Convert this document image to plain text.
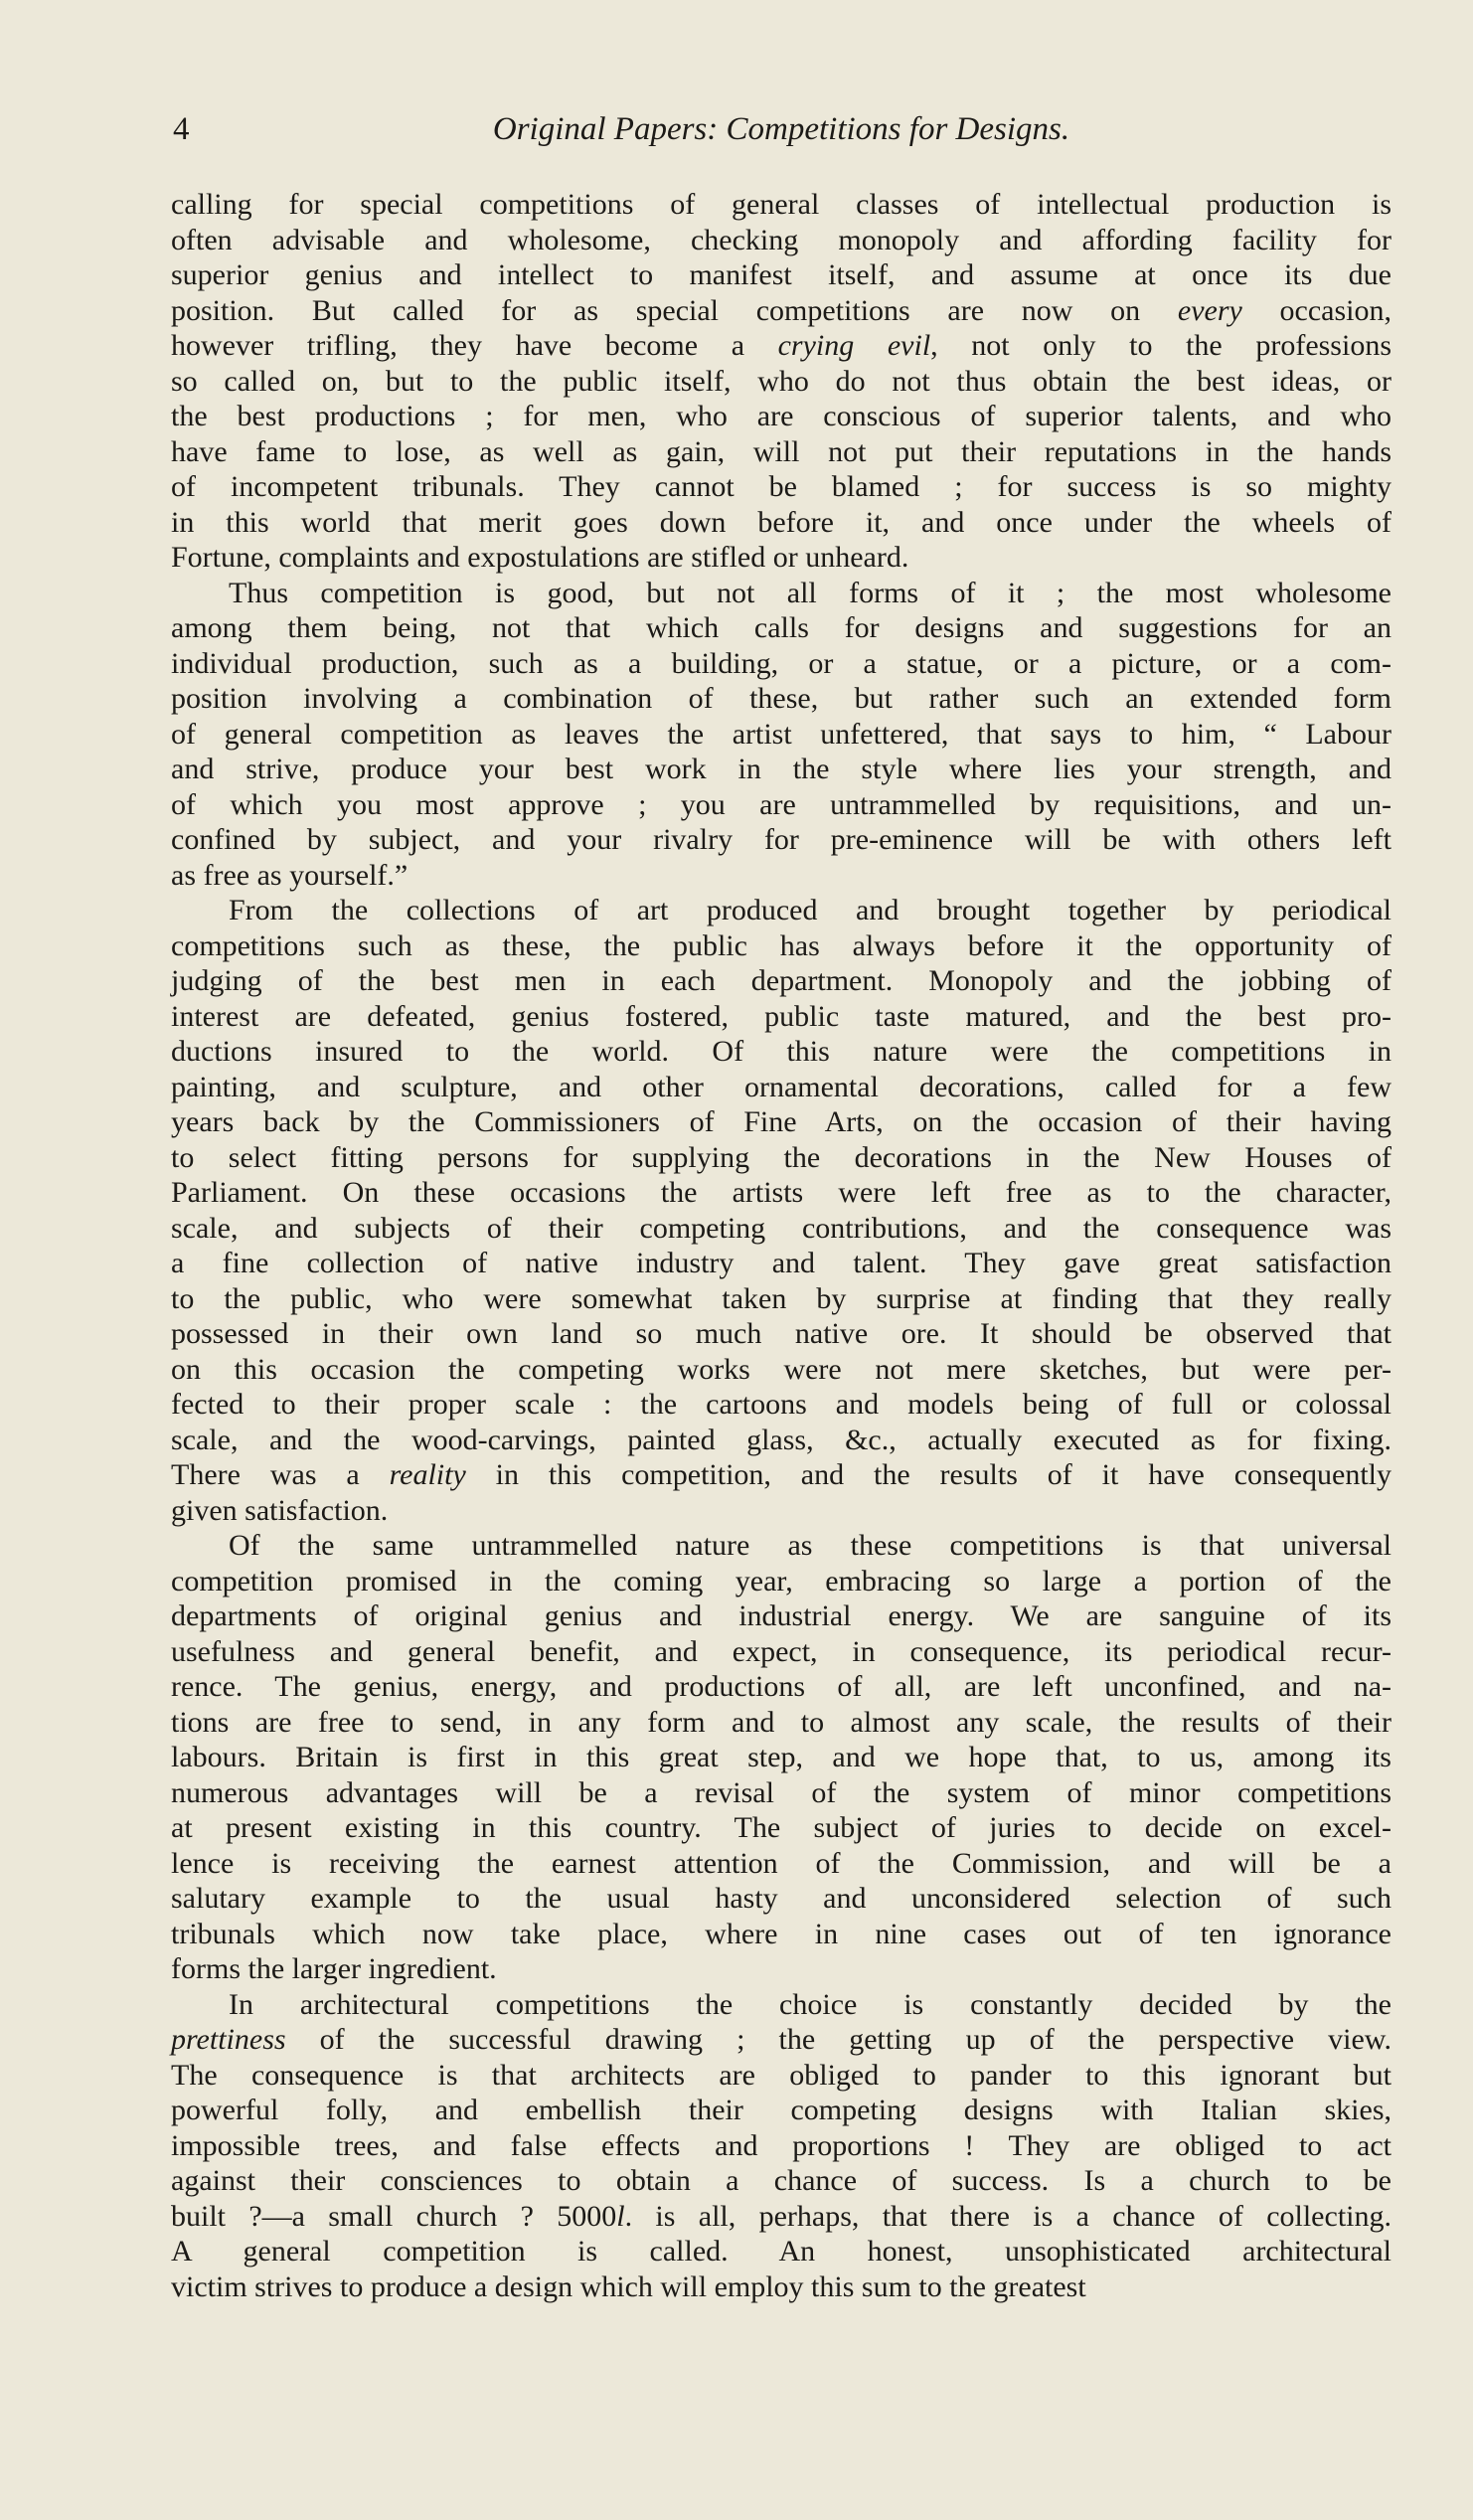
4	Original Papers: Competitions for Designs.
calling for special competitions of general classes of intellectual production is
often advisable and wholesome, checking monopoly and affording facility for
superior genius and intellect to manifest itself, and assume at once its due
position. But called for as special competitions are now on every occasion,
however trifling, they have become a crying evil, not only to the professions
so called on, but to the public itself, who do not thus obtain the best ideas, or
the best productions ; for men, who are conscious of superior talents, and who
have fame to lose, as well as gain, will not put their reputations in the hands
of incompetent tribunals. They cannot be blamed ; for success is so mighty
in this world that merit goes down before it, and once under the wheels of
Fortune, complaints and expostulations are stifled or unheard.
Thus competition is good, but not all forms of it ; the most wholesome
among them being, not that which calls for designs and suggestions for an
individual production, such as a building, or a statue, or a picture, or a com-
position involving a combination of these, but rather such an extended form
of general competition as leaves the artist unfettered, that says to him, “ Labour
and strive, produce your best work in the style where lies your strength, and
of which you most approve ; you are untrammelled by requisitions, and un-
confined by subject, and your rivalry for pre-eminence will be with others left
as free as yourself.”
From the collections of art produced and brought together by periodical
competitions such as these, the public has always before it the opportunity of
judging of the best men in each department. Monopoly and the jobbing of
interest are defeated, genius fostered, public taste matured, and the best pro-
ductions insured to the world. Of this nature were the competitions in
painting, and sculpture, and other ornamental decorations, called for a few
years back by the Commissioners of Fine Arts, on the occasion of their having
to select fitting persons for supplying the decorations in the New Houses of
Parliament. On these occasions the artists were left free as to the character,
scale, and subjects of their competing contributions, and the consequence was
a fine collection of native industry and talent. They gave great satisfaction
to the public, who were somewhat taken by surprise at finding that they really
possessed in their own land so much native ore. It should be observed that
on this occasion the competing works were not mere sketches, but were per-
fected to their proper scale : the cartoons and models being of full or colossal
scale, and the wood-carvings, painted glass, &c., actually executed as for fixing.
There was a reality in this competition, and the results of it have consequently
given satisfaction.
Of the same untrammelled nature as these competitions is that universal
competition promised in the coming year, embracing so large a portion of the
departments of original genius and industrial energy. We are sanguine of its
usefulness and general benefit, and expect, in consequence, its periodical recur-
rence. The genius, energy, and productions of all, are left unconfined, and na-
tions are free to send, in any form and to almost any scale, the results of their
labours. Britain is first in this great step, and we hope that, to us, among its
numerous advantages will be a revisal of the system of minor competitions
at present existing in this country. The subject of juries to decide on excel-
lence is receiving the earnest attention of the Commission, and will be a
salutary example to the usual hasty and unconsidered selection of such
tribunals which now take place, where in nine cases out of ten ignorance
forms the larger ingredient.
In architectural competitions the choice is constantly decided by the
prettiness of the successful drawing ; the getting up of the perspective view.
The consequence is that architects are obliged to pander to this ignorant but
powerful folly, and embellish their competing designs with Italian skies,
impossible trees, and false effects and proportions ! They are obliged to act
against their consciences to obtain a chance of success. Is a church to be
built ?—a small church ? 5000l. is all, perhaps, that there is a chance of collecting.
A general competition is called. An honest, unsophisticated architectural
victim strives to produce a design which will employ this sum to the greatest
